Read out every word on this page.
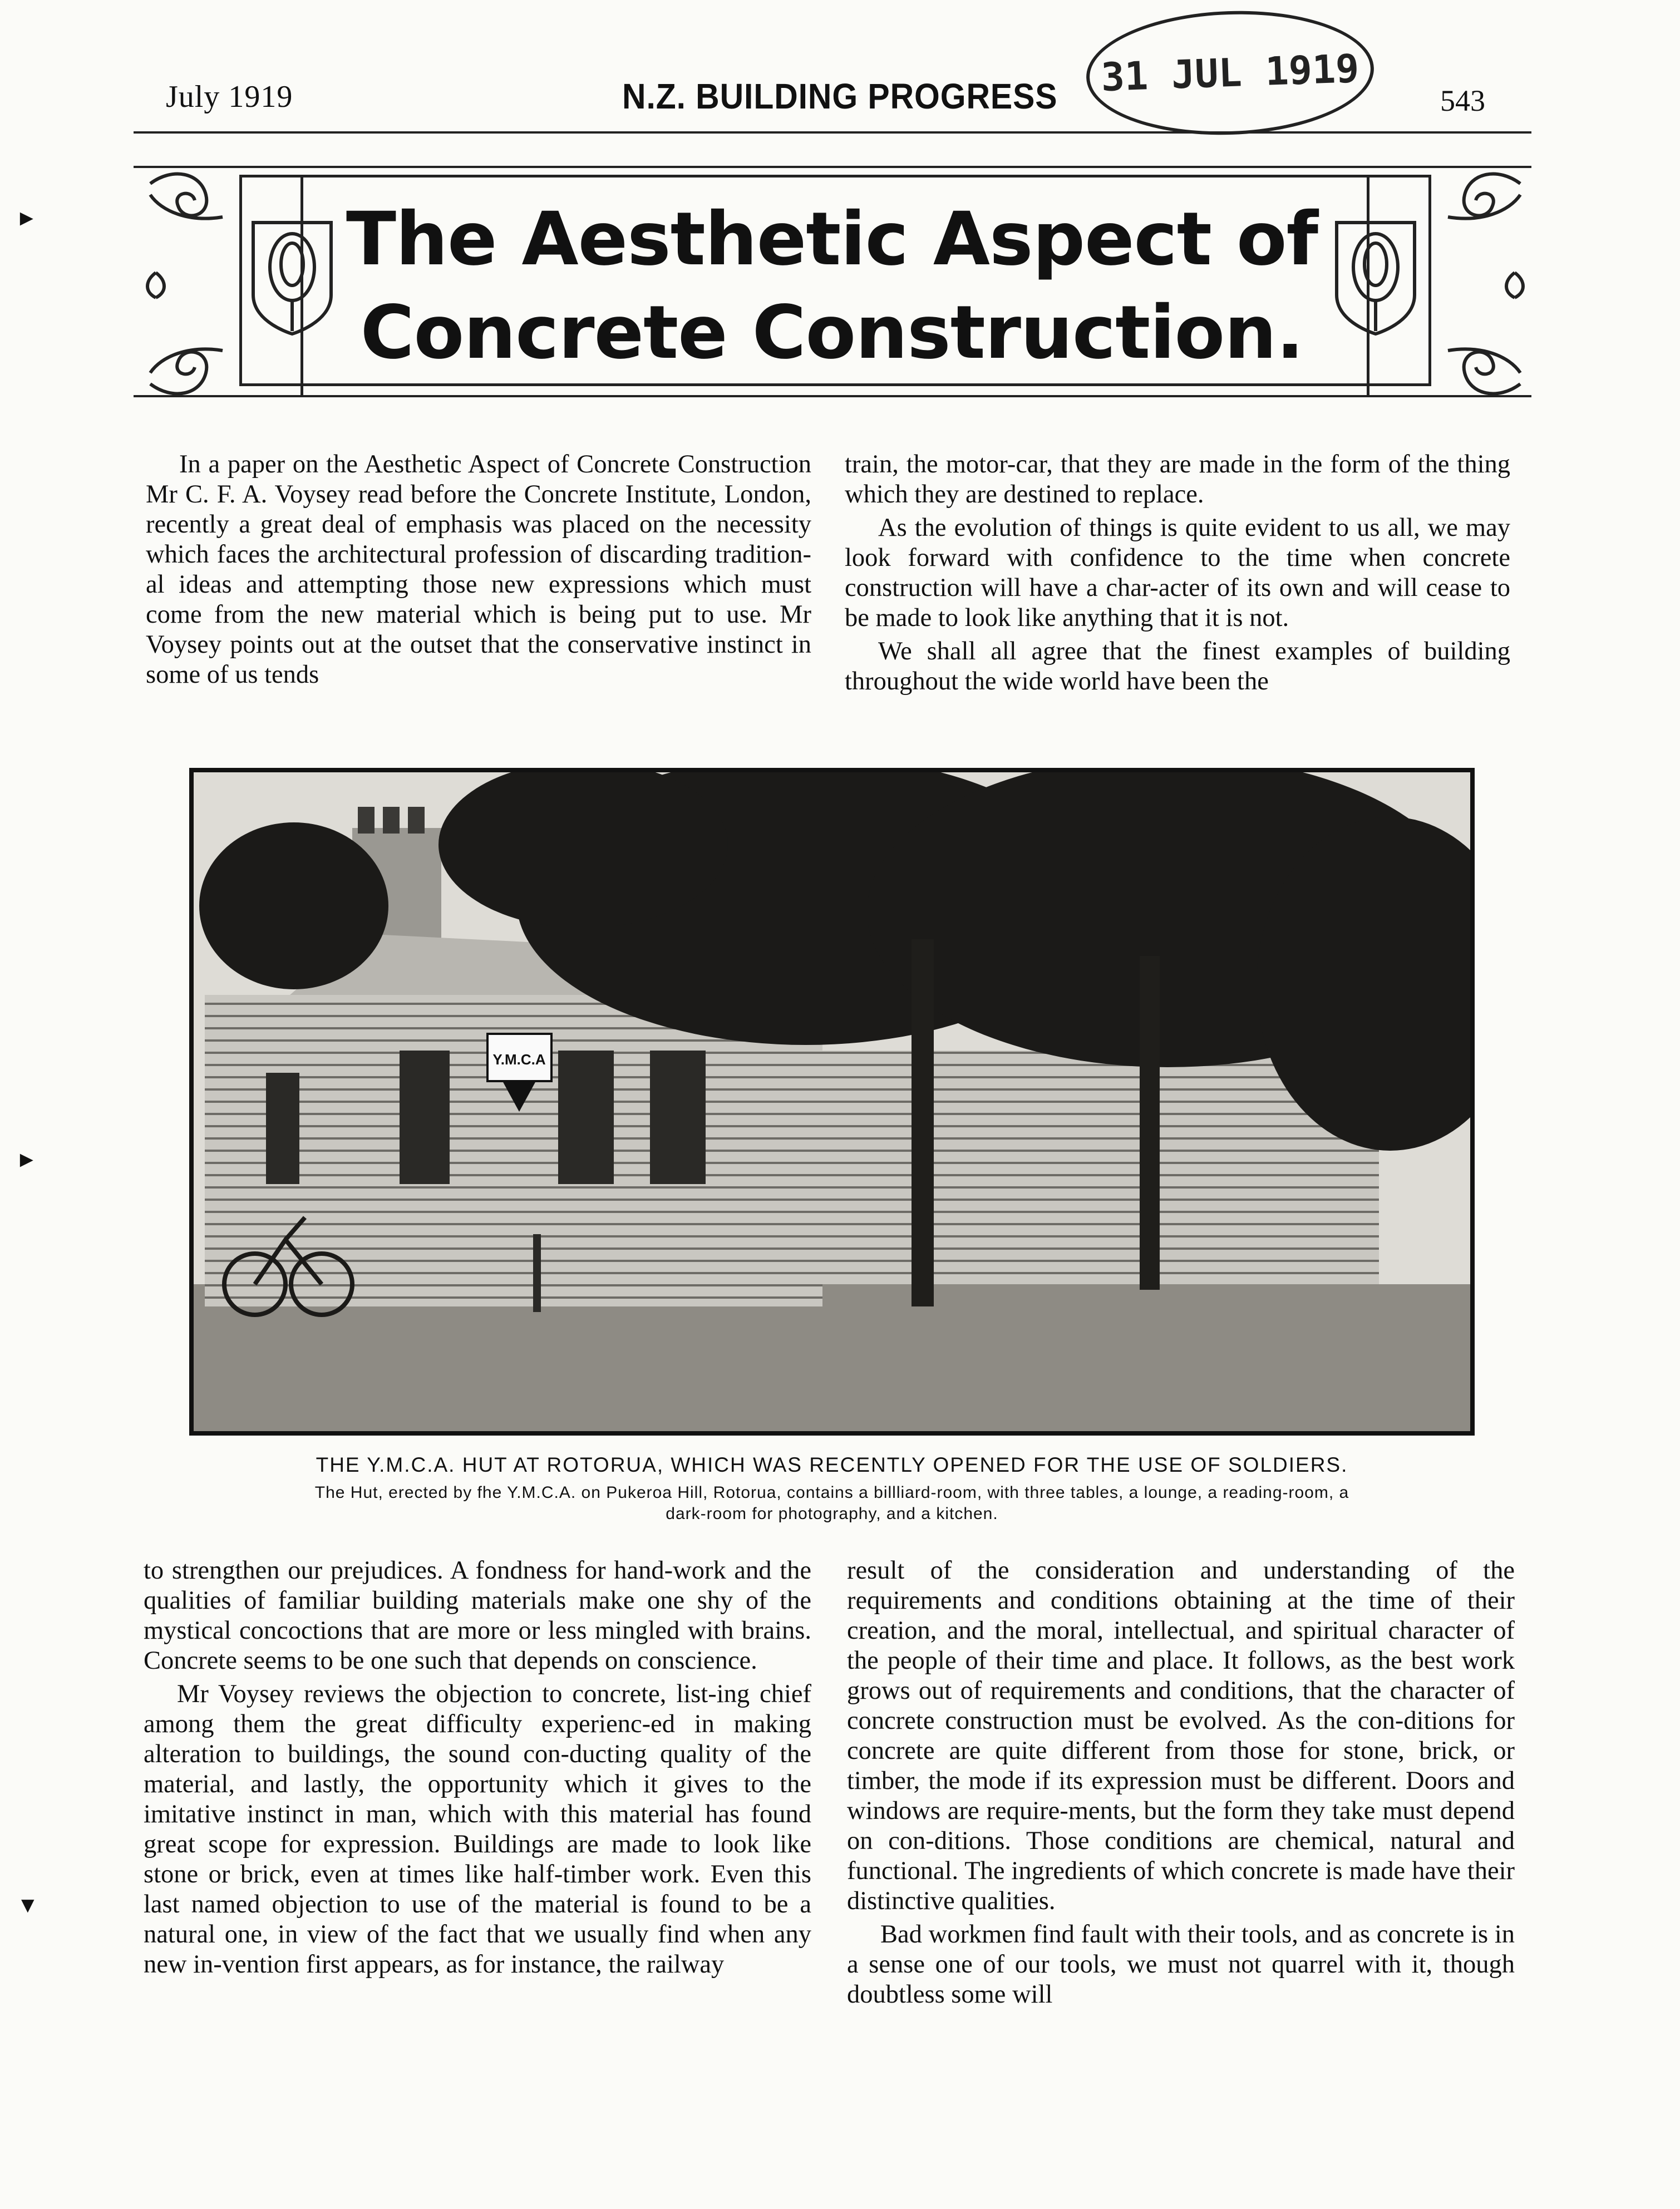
July 1919	N.Z. BUILDING PROGRESS	543
31 JUL 1919
The Aesthetic Aspect of
Concrete Construction.

In a paper on the Aesthetic Aspect of Concrete Construction Mr C. F. A. Voysey read before the Concrete Institute, London, recently a great deal of emphasis was placed on the necessity which faces the architectural profession of discarding tradition-al ideas and attempting those new expressions which must come from the new material which is being put to use. Mr Voysey points out at the outset that the conservative instinct in some of us tends

train, the motor-car, that they are made in the form of the thing which they are destined to replace.

As the evolution of things is quite evident to us all, we may look forward with confidence to the time when concrete construction will have a char-acter of its own and will cease to be made to look like anything that it is not.

We shall all agree that the finest examples of building throughout the wide world have been the

Y.M.C.A
THE Y.M.C.A. HUT AT ROTORUA, WHICH WAS RECENTLY OPENED FOR THE USE OF SOLDIERS.
The Hut, erected by fhe Y.M.C.A. on Pukeroa Hill, Rotorua, contains a billliard-room, with three tables, a lounge, a reading-room, a
dark-room for photography, and a kitchen.

to strengthen our prejudices. A fondness for hand-work and the qualities of familiar building materials make one shy of the mystical concoctions that are more or less mingled with brains. Concrete seems to be one such that depends on conscience.

Mr Voysey reviews the objection to concrete, list-ing chief among them the great difficulty experienc-ed in making alteration to buildings, the sound con-ducting quality of the material, and lastly, the opportunity which it gives to the imitative instinct in man, which with this material has found great scope for expression. Buildings are made to look like stone or brick, even at times like half-timber work. Even this last named objection to use of the material is found to be a natural one, in view of the fact that we usually find when any new in-vention first appears, as for instance, the railway

result of the consideration and understanding of the requirements and conditions obtaining at the time of their creation, and the moral, intellectual, and spiritual character of the people of their time and place. It follows, as the best work grows out of requirements and conditions, that the character of concrete construction must be evolved. As the con-ditions for concrete are quite different from those for stone, brick, or timber, the mode if its expression must be different. Doors and windows are require-ments, but the form they take must depend on con-ditions. Those conditions are chemical, natural and functional. The ingredients of which concrete is made have their distinctive qualities.

Bad workmen find fault with their tools, and as concrete is in a sense one of our tools, we must not quarrel with it, though doubtless some will

►
►
▼
